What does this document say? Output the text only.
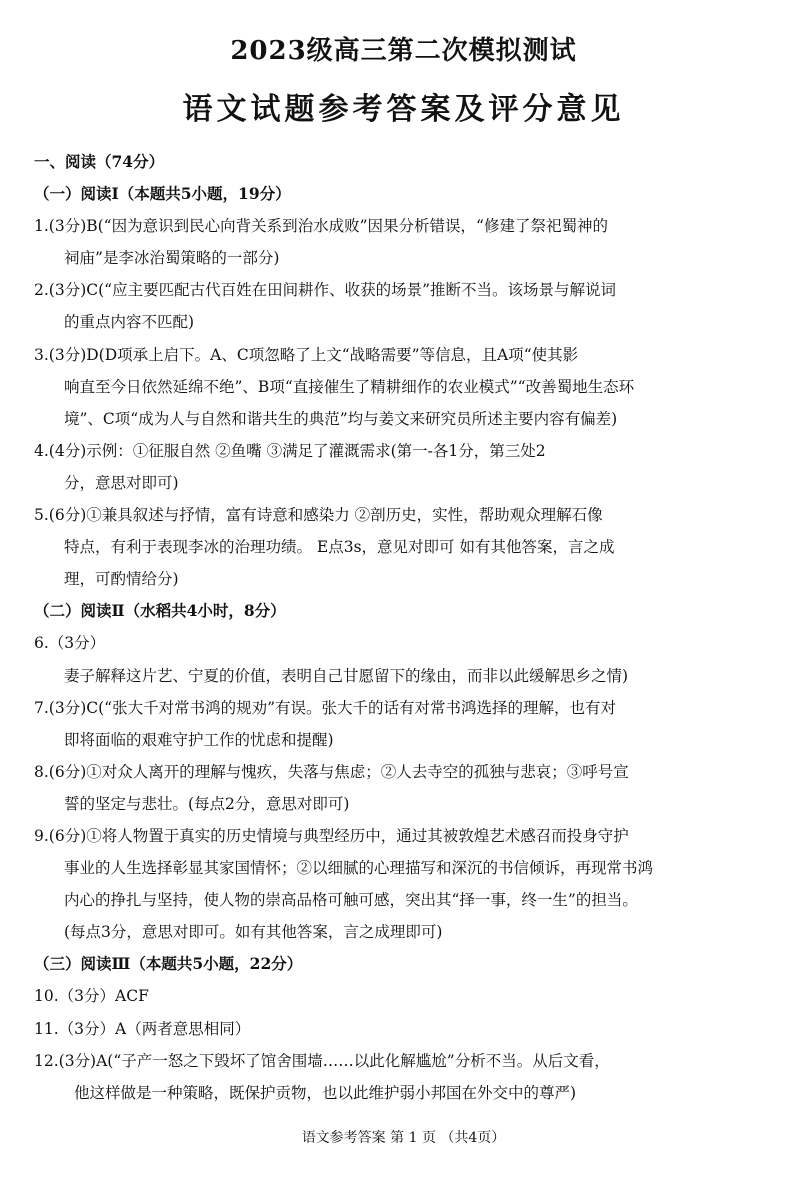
2023级高三第二次模拟测试
语文试题参考答案及评分意见
一、阅读（74分）
（一）阅读Ⅰ（本题共5小题，19分）
1.(3分)B(“因为意识到民心向背关系到治水成败”因果分析错误，“修建了祭祀蜀神的
祠庙”是李冰治蜀策略的一部分)
2.(3分)C(“应主要匹配古代百姓在田间耕作、收获的场景”推断不当。该场景与解说词
的重点内容不匹配)
3.(3分)D(D项承上启下。A、C项忽略了上文“战略需要”等信息，且A项“使其影
响直至今日依然延绵不绝”、B项“直接催生了精耕细作的农业模式”“改善蜀地生态环
境”、C项“成为人与自然和谐共生的典范”均与姜文来研究员所述主要内容有偏差)
4.(4分)示例：①征服自然 ②鱼嘴 ③满足了灌溉需求(第一-各1分，第三处2
分，意思对即可)
5.(6分)①兼具叙述与抒情，富有诗意和感染力 ②剖历史，实性，帮助观众理解石像
特点，有利于表现李冰的治理功绩。 E点3s，意见对即可 如有其他答案，言之成
理，可酌情给分)
（二）阅读Ⅱ（水稻共4小时，8分）
6.（3分）
妻子解释这片艺、宁夏的价值，表明自己甘愿留下的缘由，而非以此缓解思乡之情)
7.(3分)C(“张大千对常书鸿的规劝”有误。张大千的话有对常书鸿选择的理解，也有对
即将面临的艰难守护工作的忧虑和提醒)
8.(6分)①对众人离开的理解与愧疚，失落与焦虑；②人去寺空的孤独与悲哀；③呼号宣
誓的坚定与悲壮。(每点2分，意思对即可)
9.(6分)①将人物置于真实的历史情境与典型经历中，通过其被敦煌艺术感召而投身守护
事业的人生选择彰显其家国情怀；②以细腻的心理描写和深沉的书信倾诉，再现常书鸿
内心的挣扎与坚持，使人物的崇高品格可触可感，突出其“择一事，终一生”的担当。
(每点3分，意思对即可。如有其他答案，言之成理即可)
（三）阅读Ⅲ（本题共5小题，22分）
10.（3分）ACF
11.（3分）A（两者意思相同）
12.(3分)A(“子产一怒之下毁坏了馆舍围墙……以此化解尴尬”分析不当。从后文看，
他这样做是一种策略，既保护贡物，也以此维护弱小邦国在外交中的尊严)
语文参考答案 第 1 页 （共4页）
